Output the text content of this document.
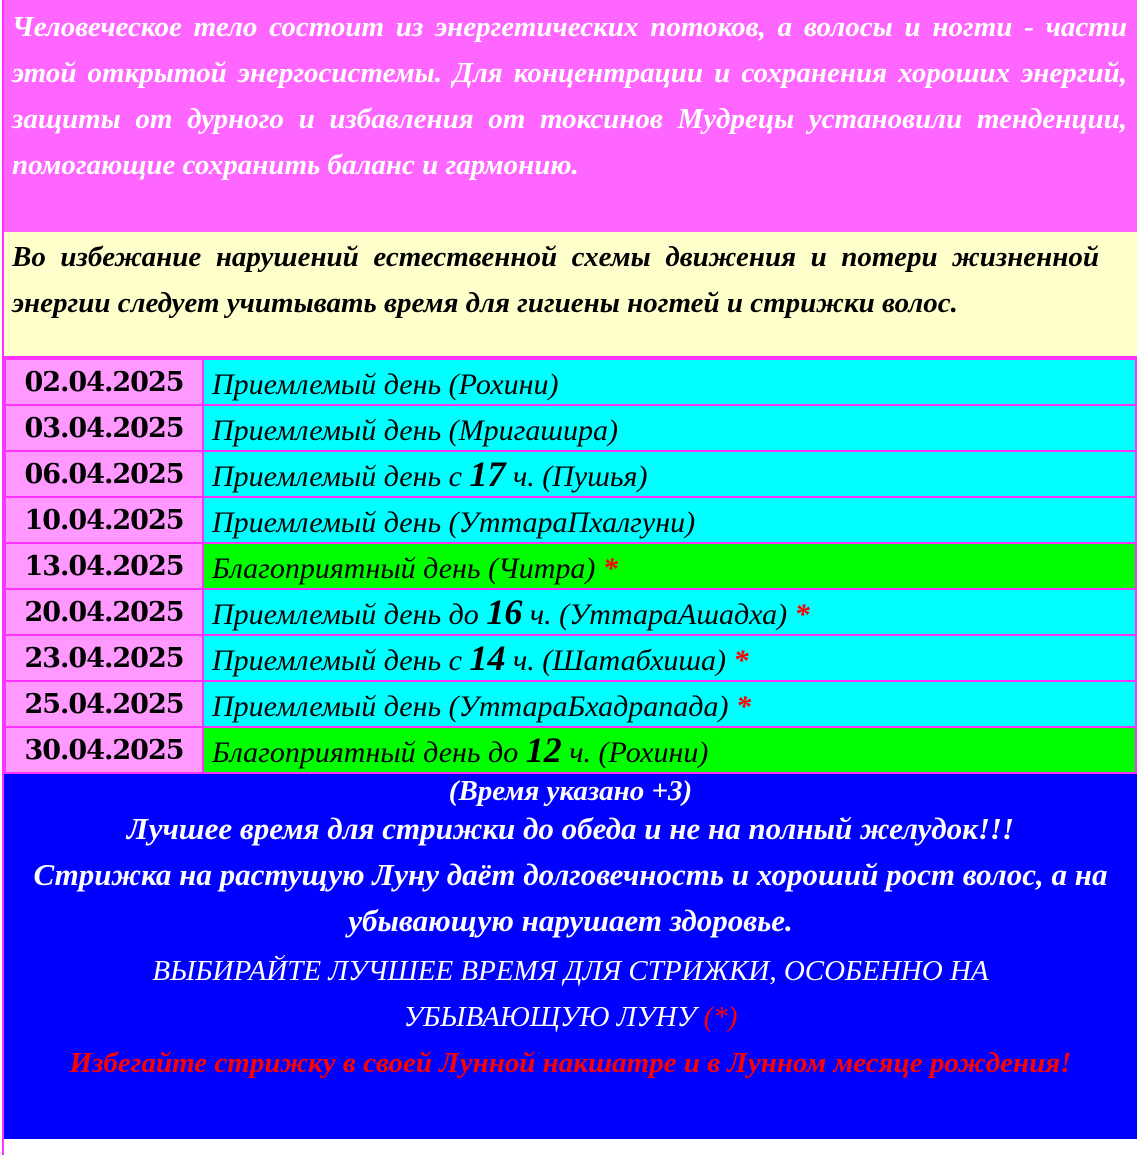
Человеческое тело состоит из энергетических потоков, а волосы и ногти - части этой открытой энергосистемы. Для концентрации и сохранения хороших энергий, защиты от дурного и избавления от токсинов Мудрецы установили тенденции, помогающие сохранить баланс и гармонию.
Во избежание нарушений естественной схемы движения и потери жизненной энергии следует учитывать время для гигиены ногтей и стрижки волос.
02.04.2025	Приемлемый день (Рохини)
03.04.2025	Приемлемый день (Мригашира)
06.04.2025	Приемлемый день с 17 ч. (Пушья)
10.04.2025	Приемлемый день (УттараПхалгуни)
13.04.2025	Благоприятный день (Читра) *
20.04.2025	Приемлемый день до 16 ч. (УттараАшадха) *
23.04.2025	Приемлемый день с 14 ч. (Шатабхиша) *
25.04.2025	Приемлемый день (УттараБхадрапада) *
30.04.2025	Благоприятный день до 12 ч. (Рохини)
(Время указано +3)
Лучшее время для стрижки до обеда и не на полный желудок!!!
Стрижка на растущую Луну даёт долговечность и хороший рост волос, а на убывающую нарушает здоровье.
ВЫБИРАЙТЕ ЛУЧШЕЕ ВРЕМЯ ДЛЯ СТРИЖКИ, ОСОБЕННО НА УБЫВАЮЩУЮ ЛУНУ (*)
Избегайте стрижку в своей Лунной накшатре и в Лунном месяце рождения!
